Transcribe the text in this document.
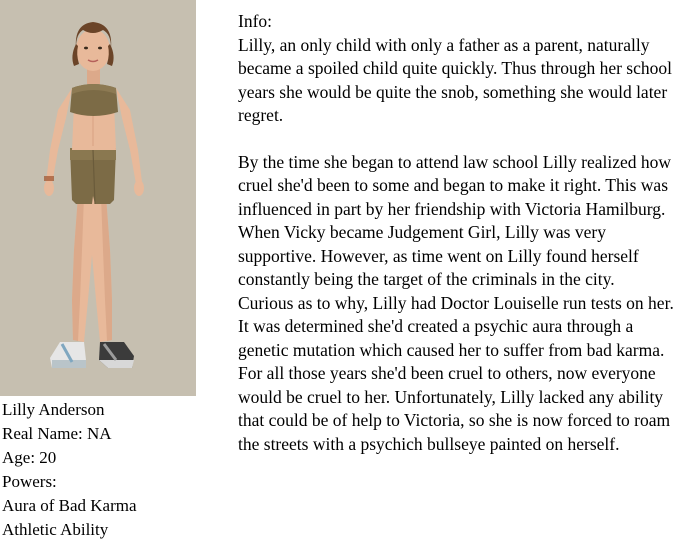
Lilly Anderson
Real Name: NA
Age: 20
Powers:
Aura of Bad Karma
Athletic Ability
Info:

Lilly, an only child with only a father as a parent, naturally became a spoiled child quite quickly. Thus through her school years she would be quite the snob, something she would later regret.

By the time she began to attend law school Lilly realized how cruel she'd been to some and began to make it right. This was influenced in part by her friendship with Victoria Hamilburg. When Vicky became Judgement Girl, Lilly was very supportive. However, as time went on Lilly found herself constantly being the target of the criminals in the city. Curious as to why, Lilly had Doctor Louiselle run tests on her. It was determined she'd created a psychic aura through a genetic mutation which caused her to suffer from bad karma. For all those years she'd been cruel to others, now everyone would be cruel to her. Unfortunately, Lilly lacked any ability that could be of help to Victoria, so she is now forced to roam the streets with a psychich bullseye painted on herself.
